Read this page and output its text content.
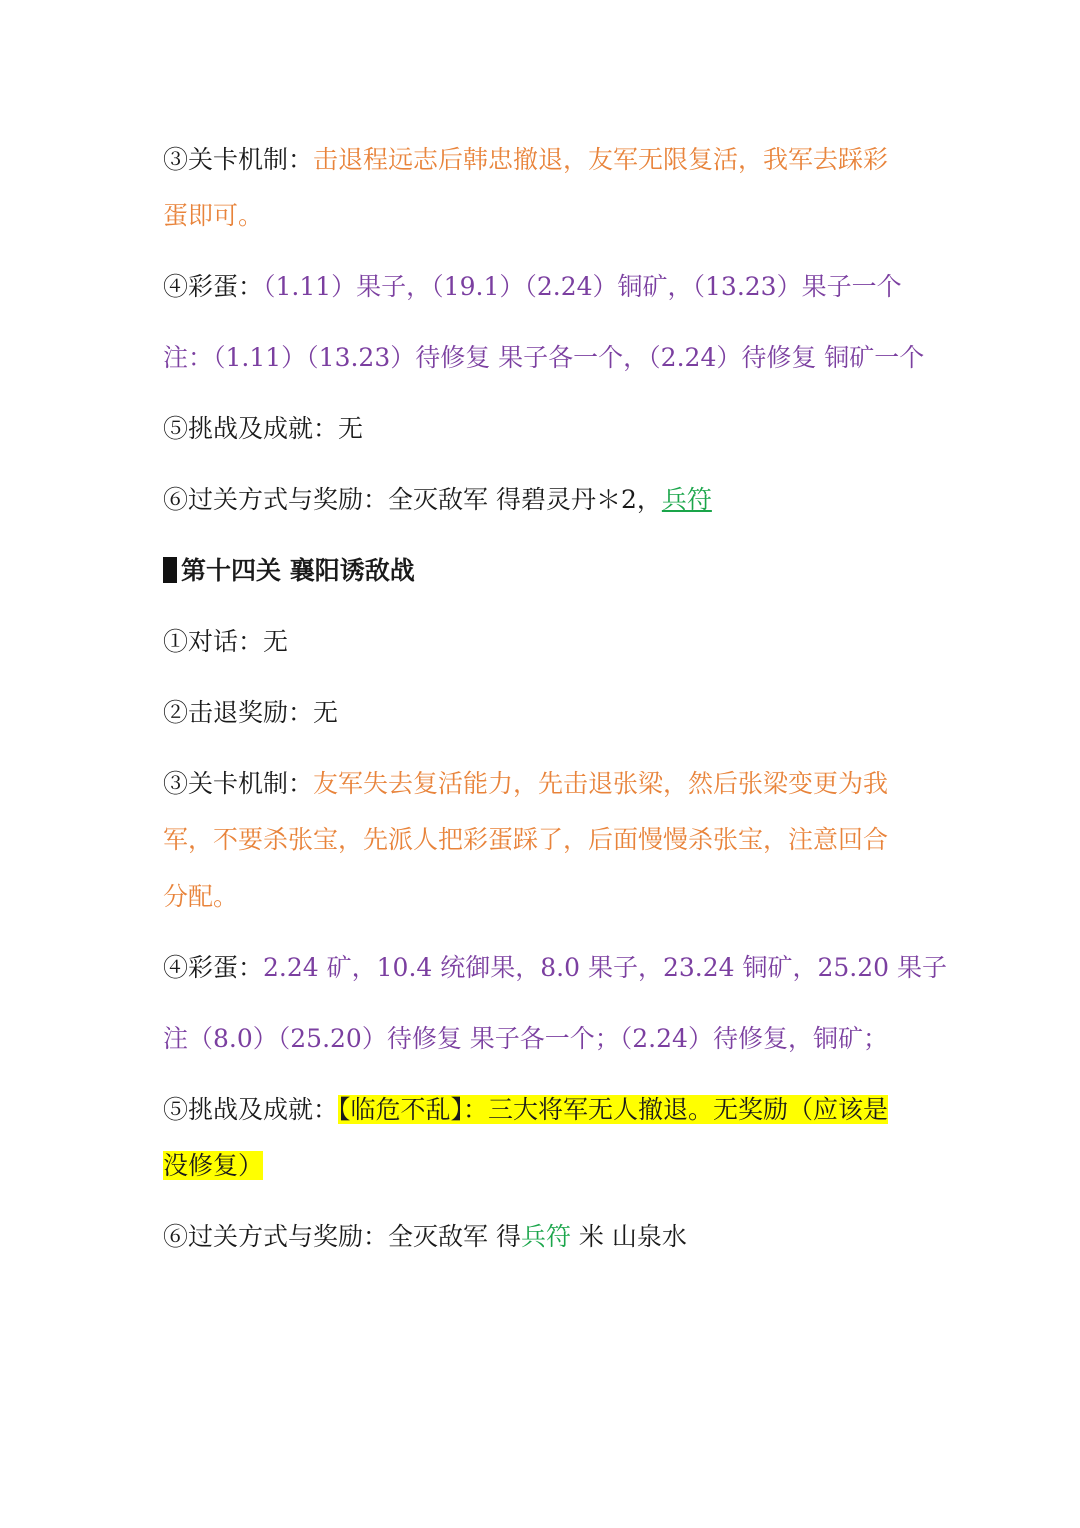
③关卡机制：击退程远志后韩忠撤退，友军无限复活，我军去踩彩
蛋即可。
④彩蛋：（1.11）果子，（19.1）（2.24）铜矿，（13.23）果子一个
注：（1.11）（13.23）待修复 果子各一个，（2.24）待修复 铜矿一个
⑤挑战及成就：无
⑥过关方式与奖励：全灭敌军 得碧灵丹＊2，兵符
第十四关 襄阳诱敌战
①对话：无
②击退奖励：无
③关卡机制：友军失去复活能力，先击退张梁，然后张梁变更为我
军，不要杀张宝，先派人把彩蛋踩了，后面慢慢杀张宝，注意回合
分配。
④彩蛋：2.24 矿，10.4 统御果，8.0 果子，23.24 铜矿，25.20 果子
注（8.0）（25.20）待修复 果子各一个；（2.24）待修复，铜矿；
⑤挑战及成就：【临危不乱】：三大将军无人撤退。无奖励（应该是
没修复）
⑥过关方式与奖励：全灭敌军 得兵符 米 山泉水
